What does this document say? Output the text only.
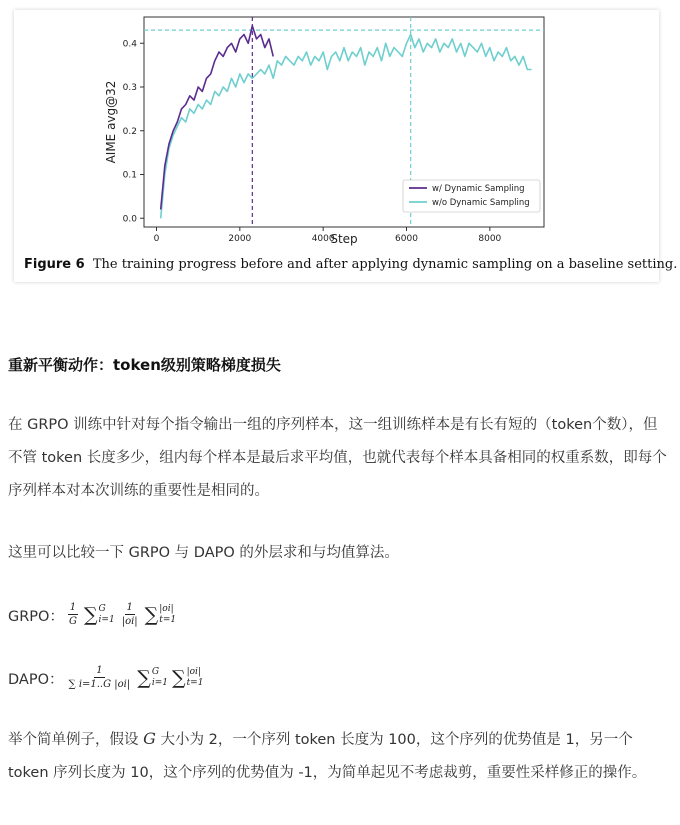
0	2000	4000	6000	8000
0.0
0.1
0.2
0.3
0.4
Step
AIME avg@32
w/ Dynamic Sampling
w/o Dynamic Sampling
Figure 6 The training progress before and after applying dynamic sampling on a baseline setting.
重新平衡动作：token级别策略梯度损失

在 GRPO 训练中针对每个指令输出一组的序列样本，这一组训练样本是有长有短的（token个数），但不管 token 长度多少，组内每个样本是最后求平均值，也就代表每个样本具备相同的权重系数，即每个序列样本对本次训练的重要性是相同的。

这里可以比较一下 GRPO 与 DAPO 的外层求和与均值算法。

GRPO： $\frac{1}{G}$ ∑ G
$i=1 \frac{1}{|oi|}$ ∑ |oi|
t=1
DAPO： $\frac{1}{\sum i=1..G |oi|}$ ∑ G
i=1 ∑ |oi|
t=1

举个简单例子，假设 G 大小为 2，一个序列 token 长度为 100，这个序列的优势值是 1，另一个 token 序列长度为 10，这个序列的优势值为 -1，为简单起见不考虑裁剪，重要性采样修正的操作。
